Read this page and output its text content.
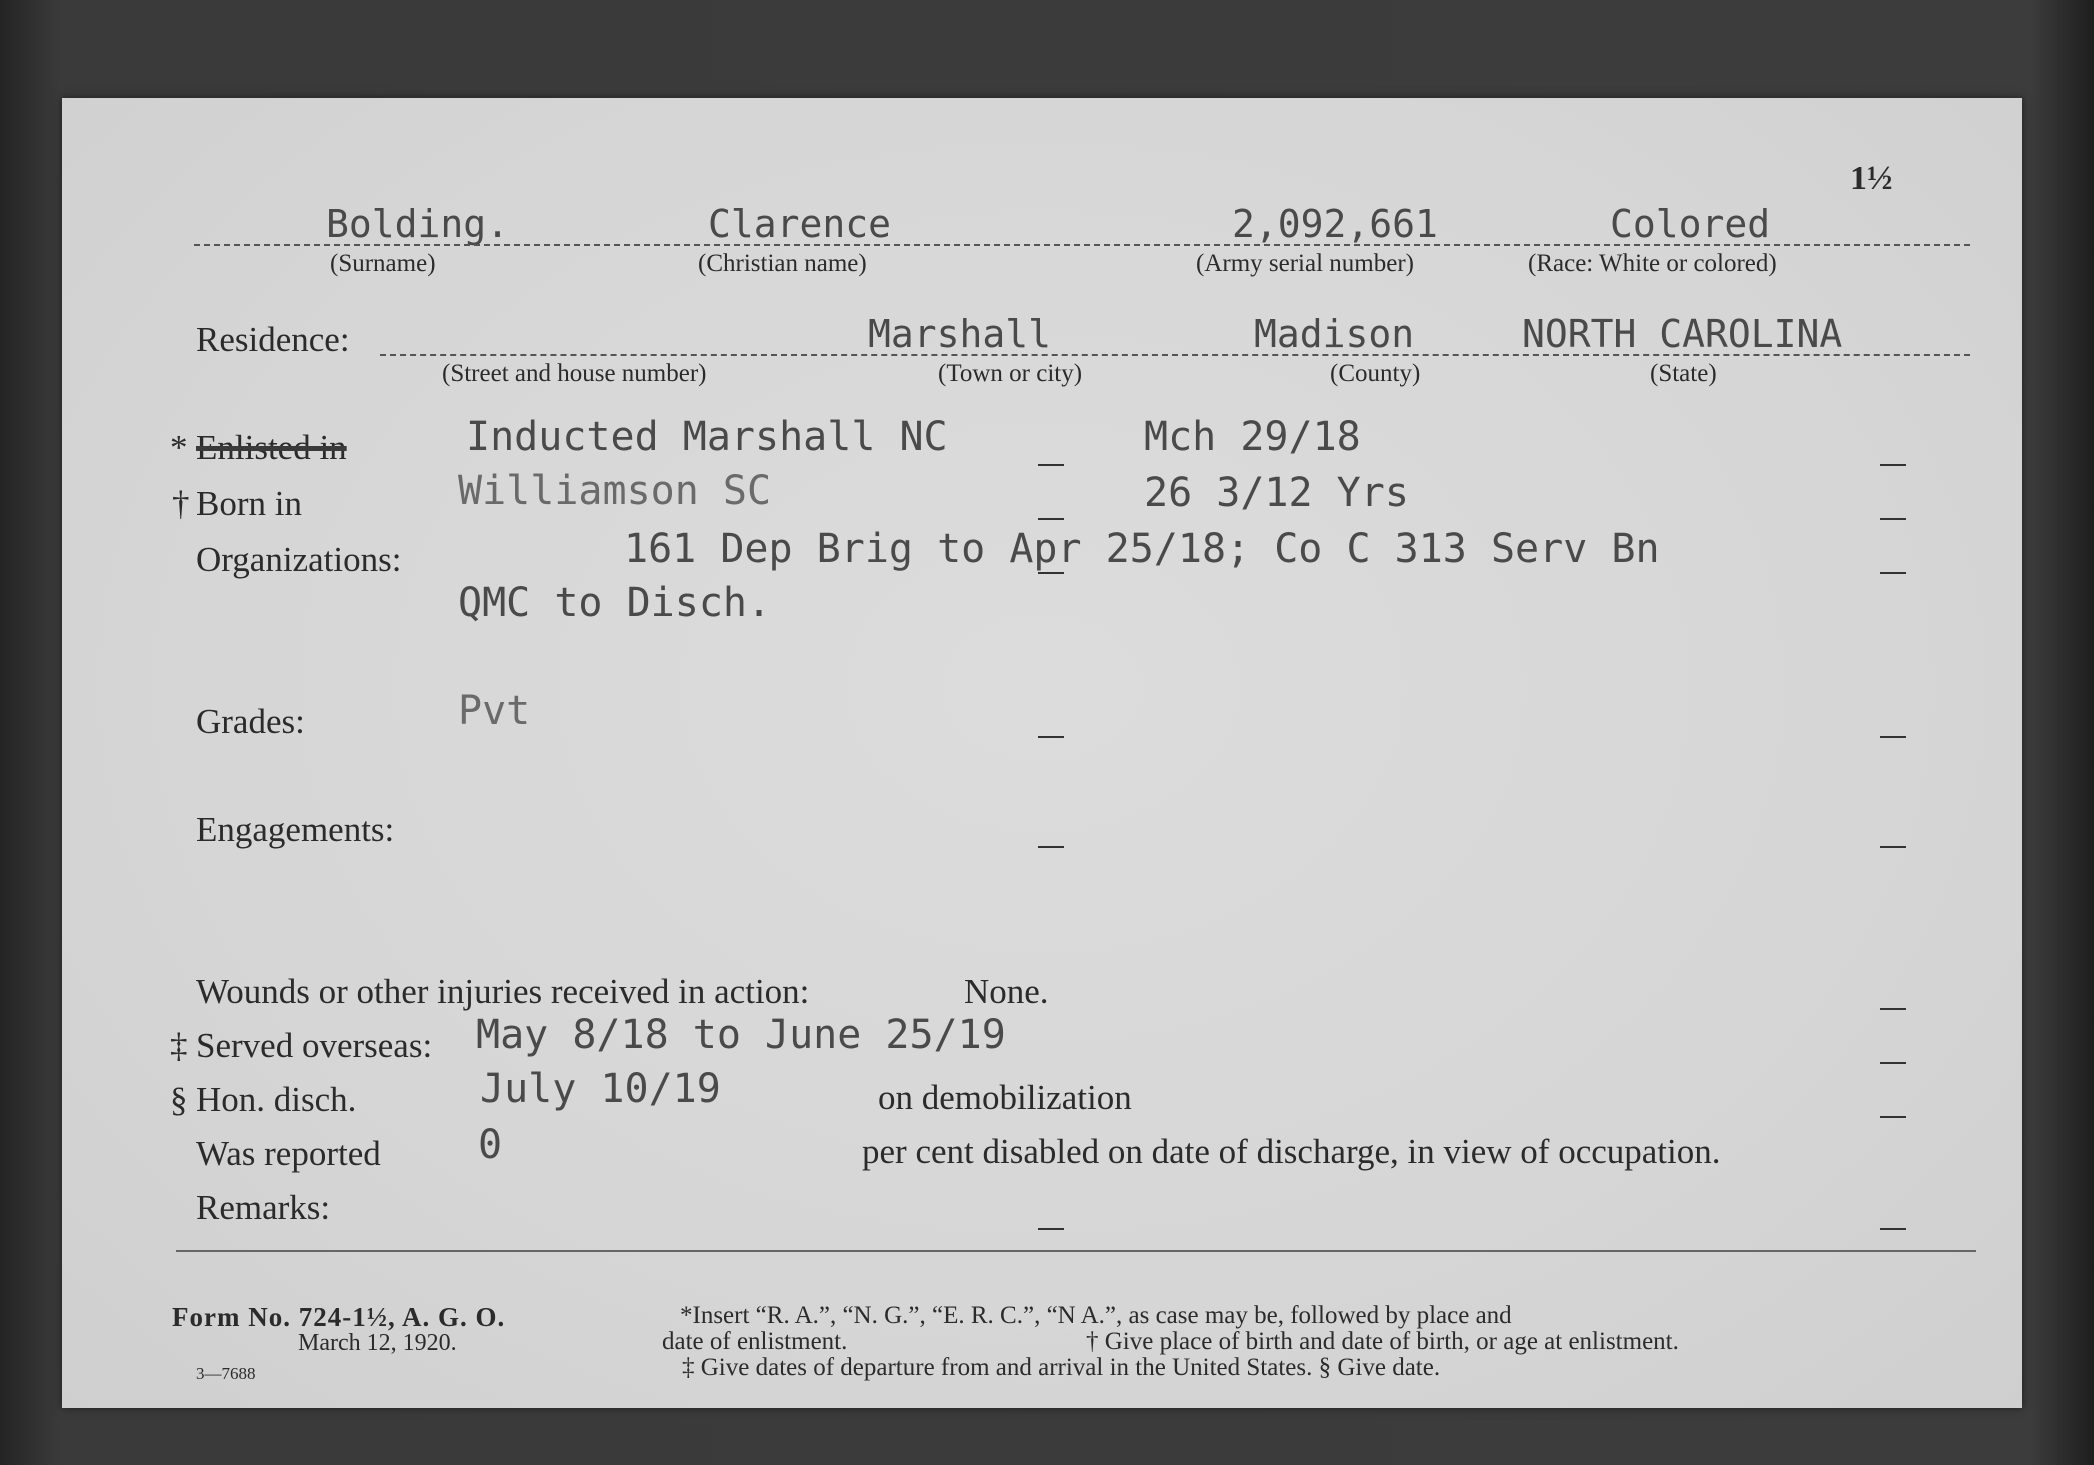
1½
Bolding.	Clarence	2,092,661	Colored
(Surname)	(Christian name)	(Army serial number)	(Race: White or colored)
Residence:	Marshall	Madison	NORTH CAROLINA
(Street and house number)	(Town or city)	(County)	(State)
* Enlisted in	Inducted Marshall NC	Mch 29/18
† Born in	Williamson SC	26 3/12 Yrs
Organizations:	161 Dep Brig to Apr 25/18; Co C 313 Serv Bn
QMC to Disch.
Grades:	Pvt
Engagements:
Wounds or other injuries received in action:	None.
‡ Served overseas: May 8/18 to June 25/19
§ Hon. disch.	July 10/19	on demobilization
Was reported 0	per cent disabled on date of discharge, in view of occupation.
Remarks:
Form No. 724-1½, A. G. O.
March 12, 1920.
3—7688
*Insert “R. A.”, “N. G.”, “E. R. C.”, “N A.”, as case may be, followed by place and
date of enlistment.	† Give place of birth and date of birth, or age at enlistment.
‡ Give dates of departure from and arrival in the United States. § Give date.
